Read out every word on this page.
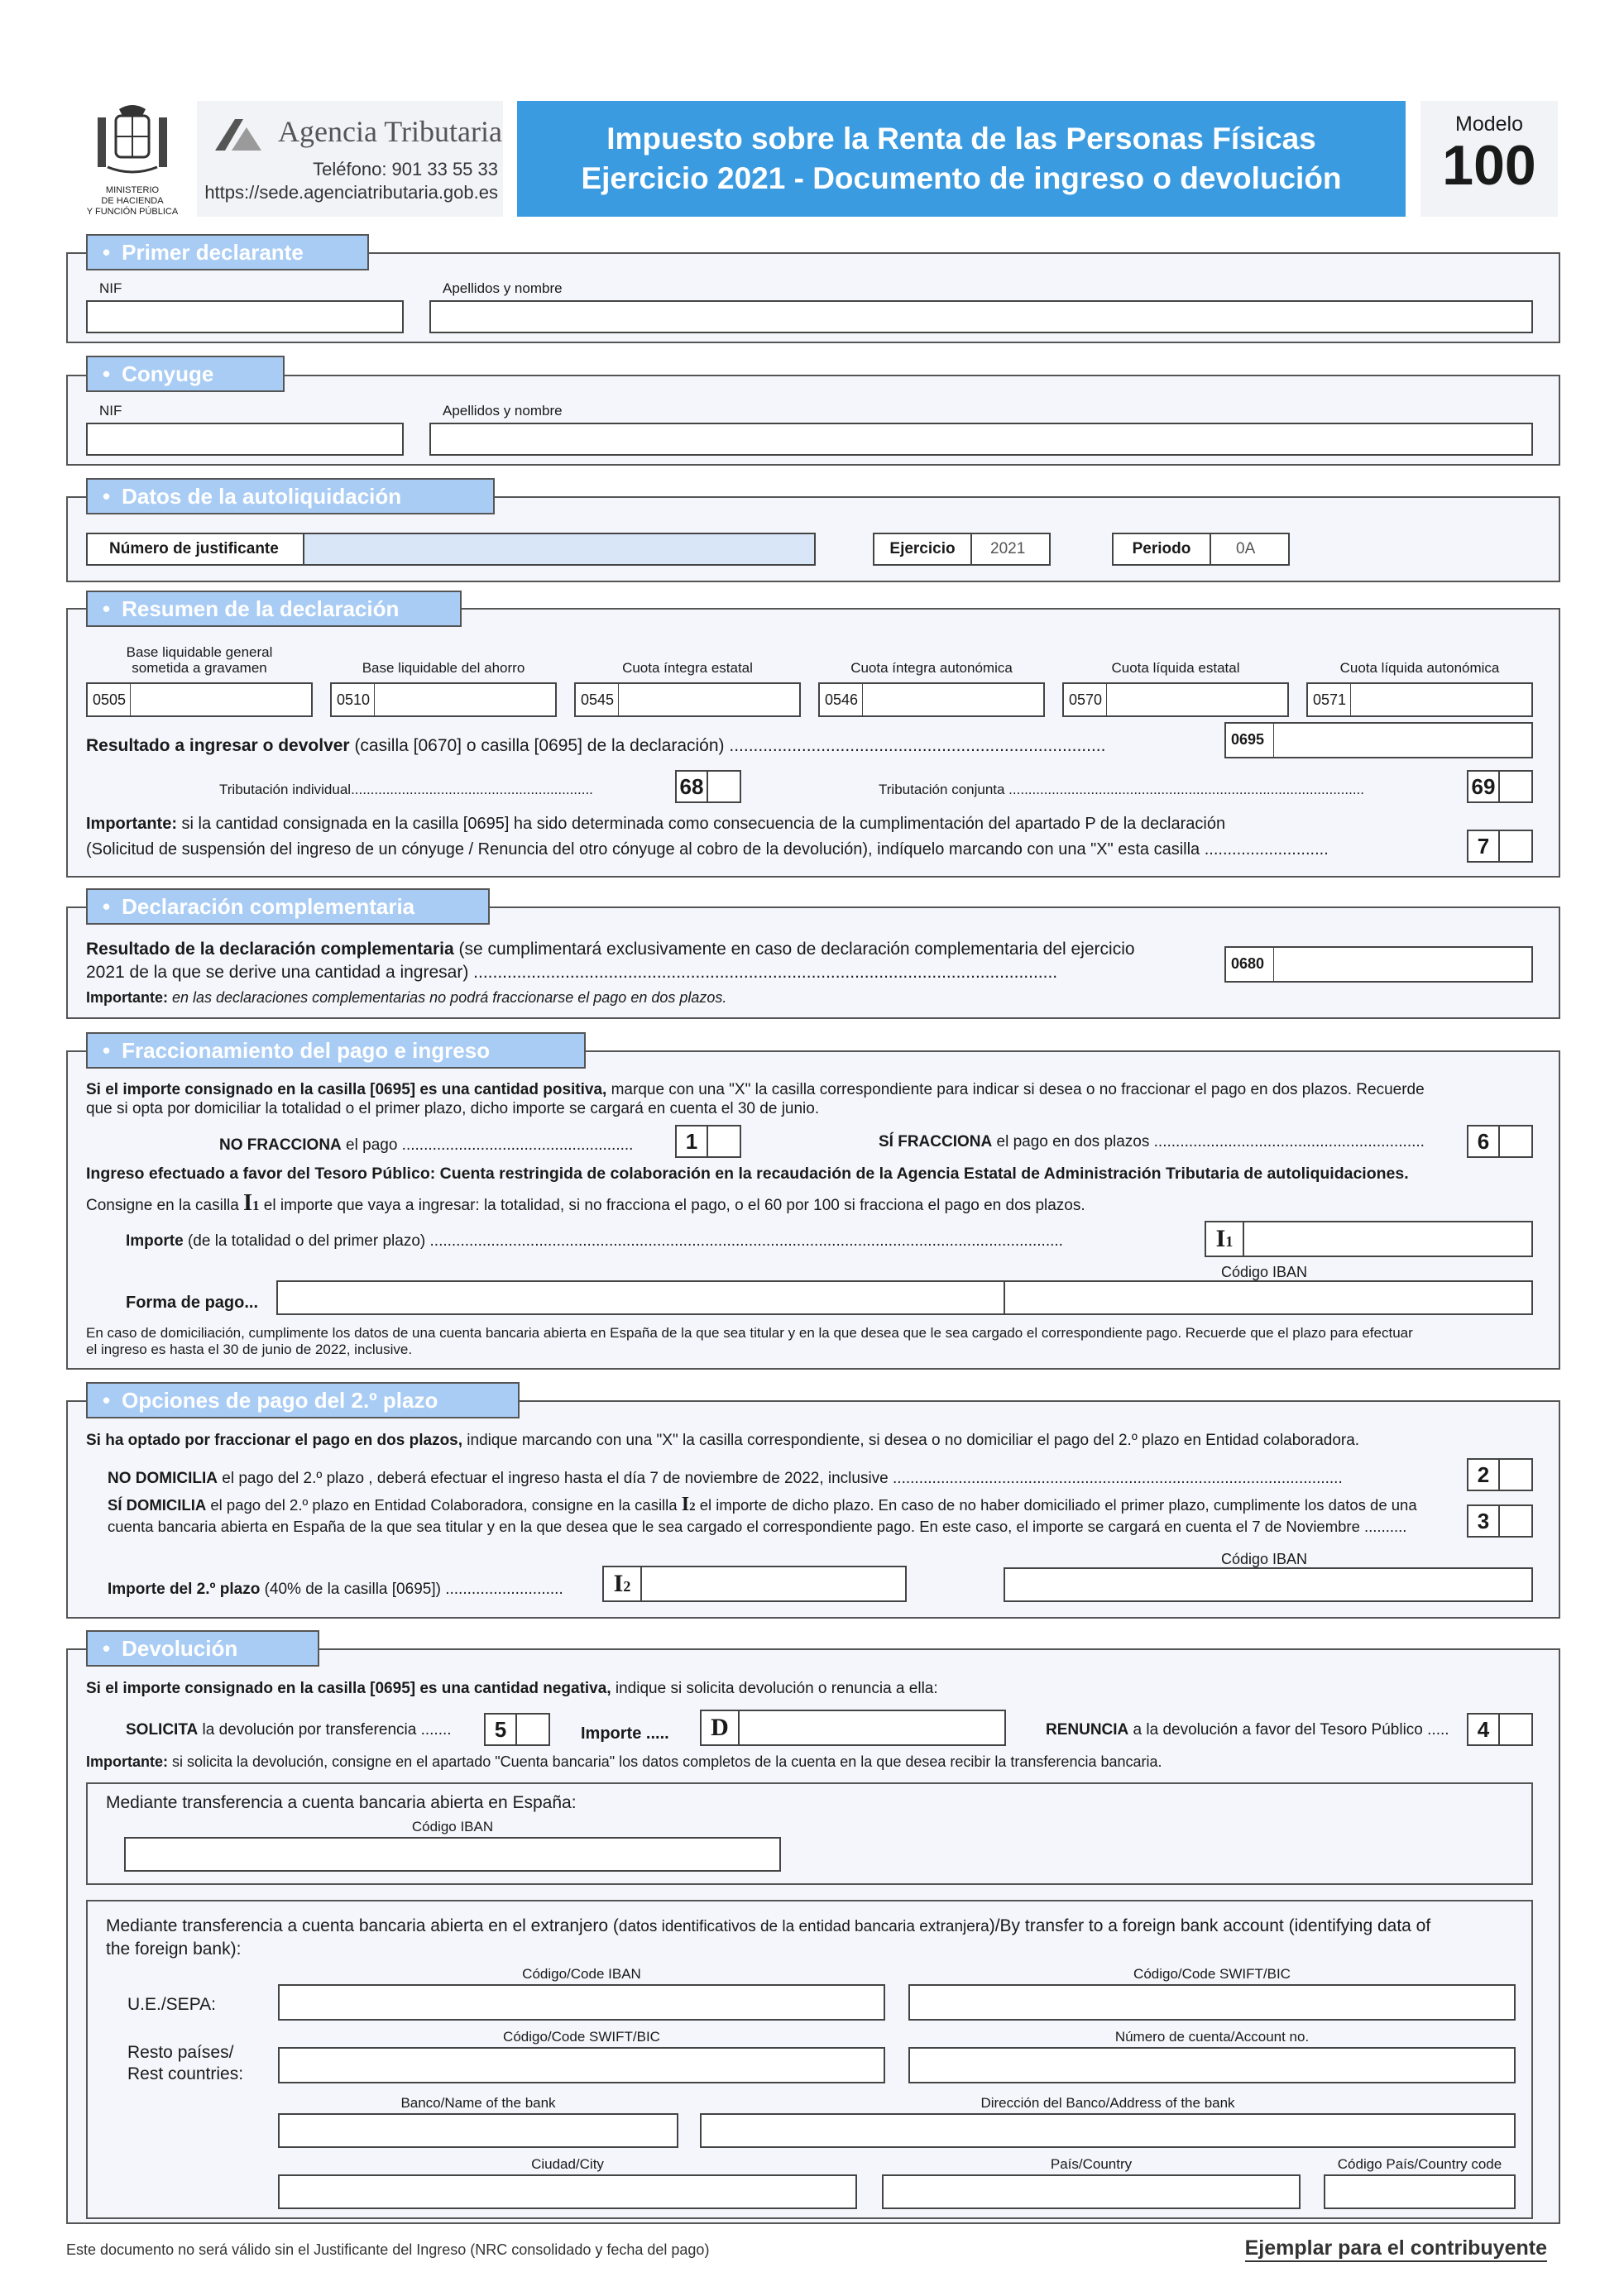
MINISTERIO
DE HACIENDA
Y FUNCIÓN PÚBLICA
Agencia Tributaria
Teléfono: 901 33 55 33
https://sede.agenciatributaria.gob.es
Impuesto sobre la Renta de las Personas Físicas
Ejercicio 2021 - Documento de ingreso o devolución
Modelo
100
NIF	Apellidos y nombre
• Primer declarante
NIF	Apellidos y nombre
• Conyuge
Número de justificante	Ejercicio	2021	Periodo	0A
• Datos de la autoliquidación
Base liquidable general
sometida a gravamen
0505
Base liquidable del ahorro
0510
Cuota íntegra estatal
0545
Cuota íntegra autonómica
0546
Cuota líquida estatal
0570
Cuota líquida autonómica
0571
Resultado a ingresar o devolver (casilla [0670] o casilla [0695] de la declaración) ..............................................................................	0695
Tributación individual..............................................................	68	Tributación conjunta ...........................................................................................	69
Importante: si la cantidad consignada en la casilla [0695] ha sido determinada como consecuencia de la cumplimentación del apartado P de la declaración
(Solicitud de suspensión del ingreso de un cónyuge / Renuncia del otro cónyuge al cobro de la devolución), indíquelo marcando con una "X" esta casilla ...........................	7
• Resumen de la declaración
Resultado de la declaración complementaria (se cumplimentará exclusivamente en caso de declaración complementaria del ejercicio
2021 de la que se derive una cantidad a ingresar) .........................................................................................................................	0680
Importante: en las declaraciones complementarias no podrá fraccionarse el pago en dos plazos.
• Declaración complementaria
Si el importe consignado en la casilla [0695] es una cantidad positiva, marque con una "X" la casilla correspondiente para indicar si desea o no fraccionar el pago en dos plazos. Recuerde
que si opta por domiciliar la totalidad o el primer plazo, dicho importe se cargará en cuenta el 30 de junio.
NO FRACCIONA el pago .....................................................	1	SÍ FRACCIONA el pago en dos plazos ..............................................................	6
Ingreso efectuado a favor del Tesoro Público: Cuenta restringida de colaboración en la recaudación de la Agencia Estatal de Administración Tributaria de autoliquidaciones.
Consigne en la casilla I1 el importe que vaya a ingresar: la totalidad, si no fracciona el pago, o el 60 por 100 si fracciona el pago en dos plazos.
Importe (de la totalidad o del primer plazo) .................................................................................................................................................	I1
Código IBAN
Forma de pago...
En caso de domiciliación, cumplimente los datos de una cuenta bancaria abierta en España de la que sea titular y en la que desea que le sea cargado el correspondiente pago. Recuerde que el plazo para efectuar
el ingreso es hasta el 30 de junio de 2022, inclusive.
• Fraccionamiento del pago e ingreso
Si ha optado por fraccionar el pago en dos plazos, indique marcando con una "X" la casilla correspondiente, si desea o no domiciliar el pago del 2.º plazo en Entidad colaboradora.
NO DOMICILIA el pago del 2.º plazo , deberá efectuar el ingreso hasta el día 7 de noviembre de 2022, inclusive .......................................................................................................	2
SÍ DOMICILIA el pago del 2.º plazo en Entidad Colaboradora, consigne en la casilla I2 el importe de dicho plazo. En caso de no haber domiciliado el primer plazo, cumplimente los datos de una
cuenta bancaria abierta en España de la que sea titular y en la que desea que le sea cargado el correspondiente pago. En este caso, el importe se cargará en cuenta el 7 de Noviembre ..........	3
Código IBAN
Importe del 2.º plazo (40% de la casilla [0695]) ...........................	I2
• Opciones de pago del 2.º plazo
Si el importe consignado en la casilla [0695] es una cantidad negativa, indique si solicita devolución o renuncia a ella:
SOLICITA la devolución por transferencia .......	5	Importe .....	D	RENUNCIA a la devolución a favor del Tesoro Público .....	4
Importante: si solicita la devolución, consigne en el apartado "Cuenta bancaria" los datos completos de la cuenta en la que desea recibir la transferencia bancaria.
Mediante transferencia a cuenta bancaria abierta en España:
Código IBAN
Mediante transferencia a cuenta bancaria abierta en el extranjero (datos identificativos de la entidad bancaria extranjera)/By transfer to a foreign bank account (identifying data of
the foreign bank):
Código/Code IBAN	Código/Code SWIFT/BIC
U.E./SEPA:
Código/Code SWIFT/BIC	Número de cuenta/Account no.
Resto países/
Rest countries:
Banco/Name of the bank	Dirección del Banco/Address of the bank
Ciudad/City	País/Country	Código País/Country code
• Devolución
Este documento no será válido sin el Justificante del Ingreso (NRC consolidado y fecha del pago)	Ejemplar para el contribuyente
